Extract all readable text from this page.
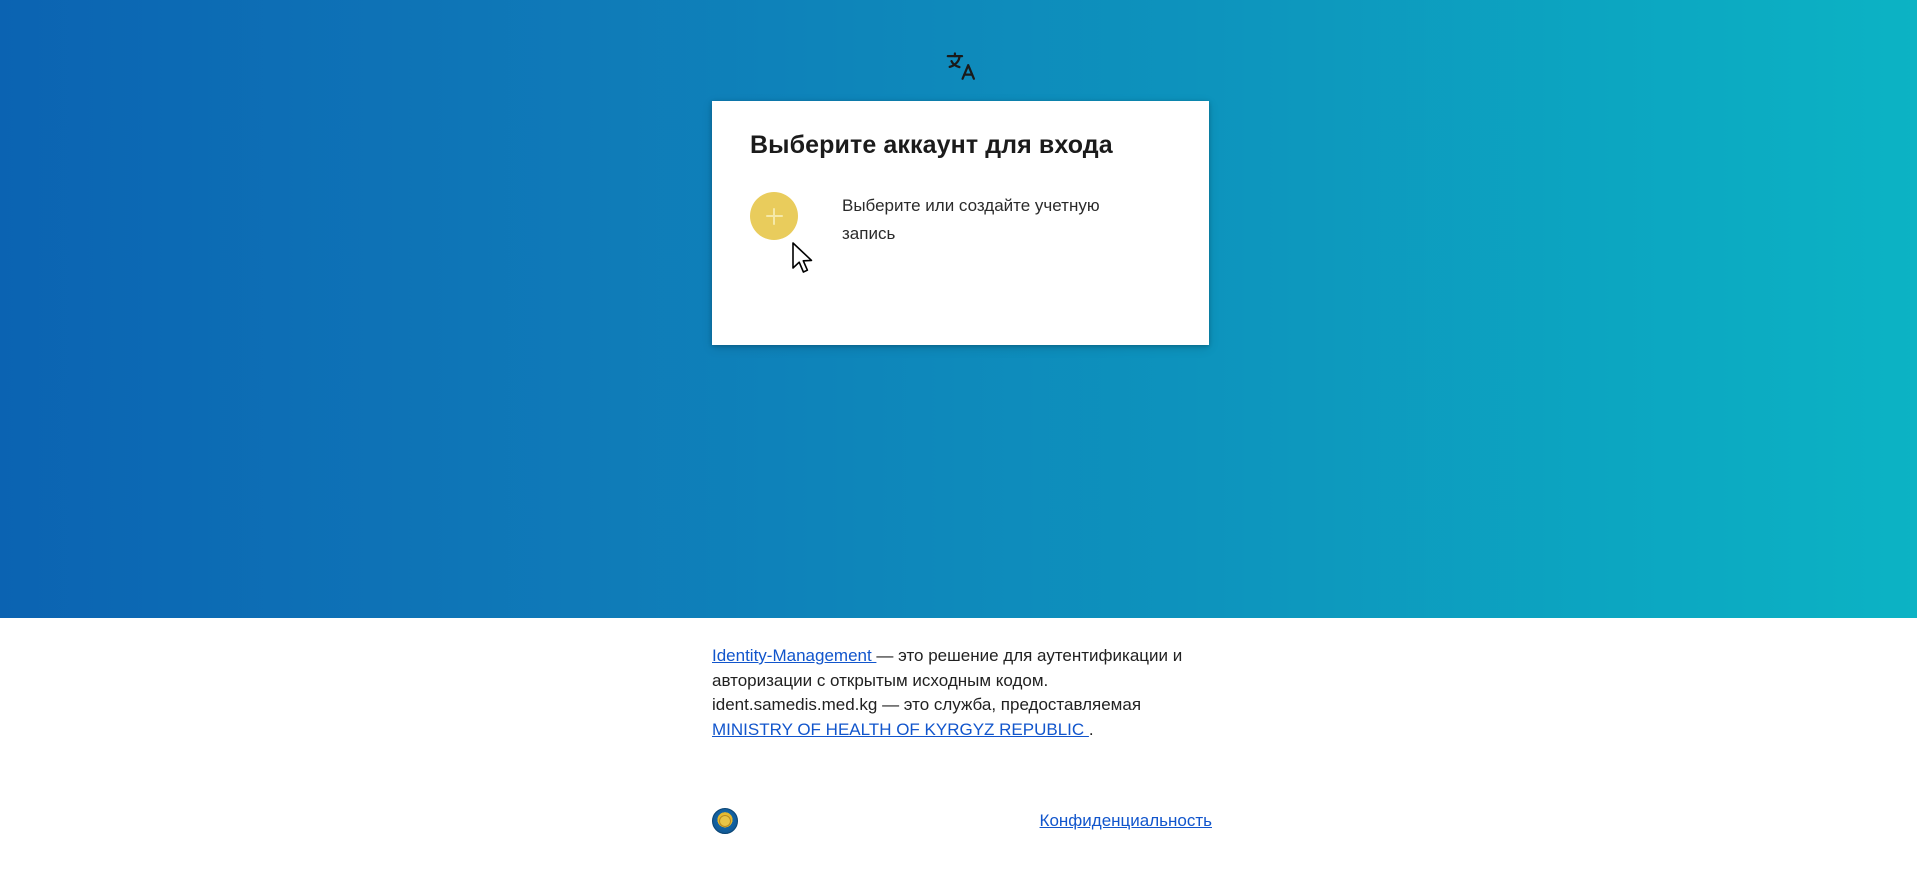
Выберите аккаунт для входа
Выберите или создайте учетную запись
Identity-Management — это решение для аутентификации и авторизации с открытым исходным кодом. ident.samedis.med.kg — это служба, предоставляемая MINISTRY OF HEALTH OF KYRGYZ REPUBLIC .
Конфиденциальность
